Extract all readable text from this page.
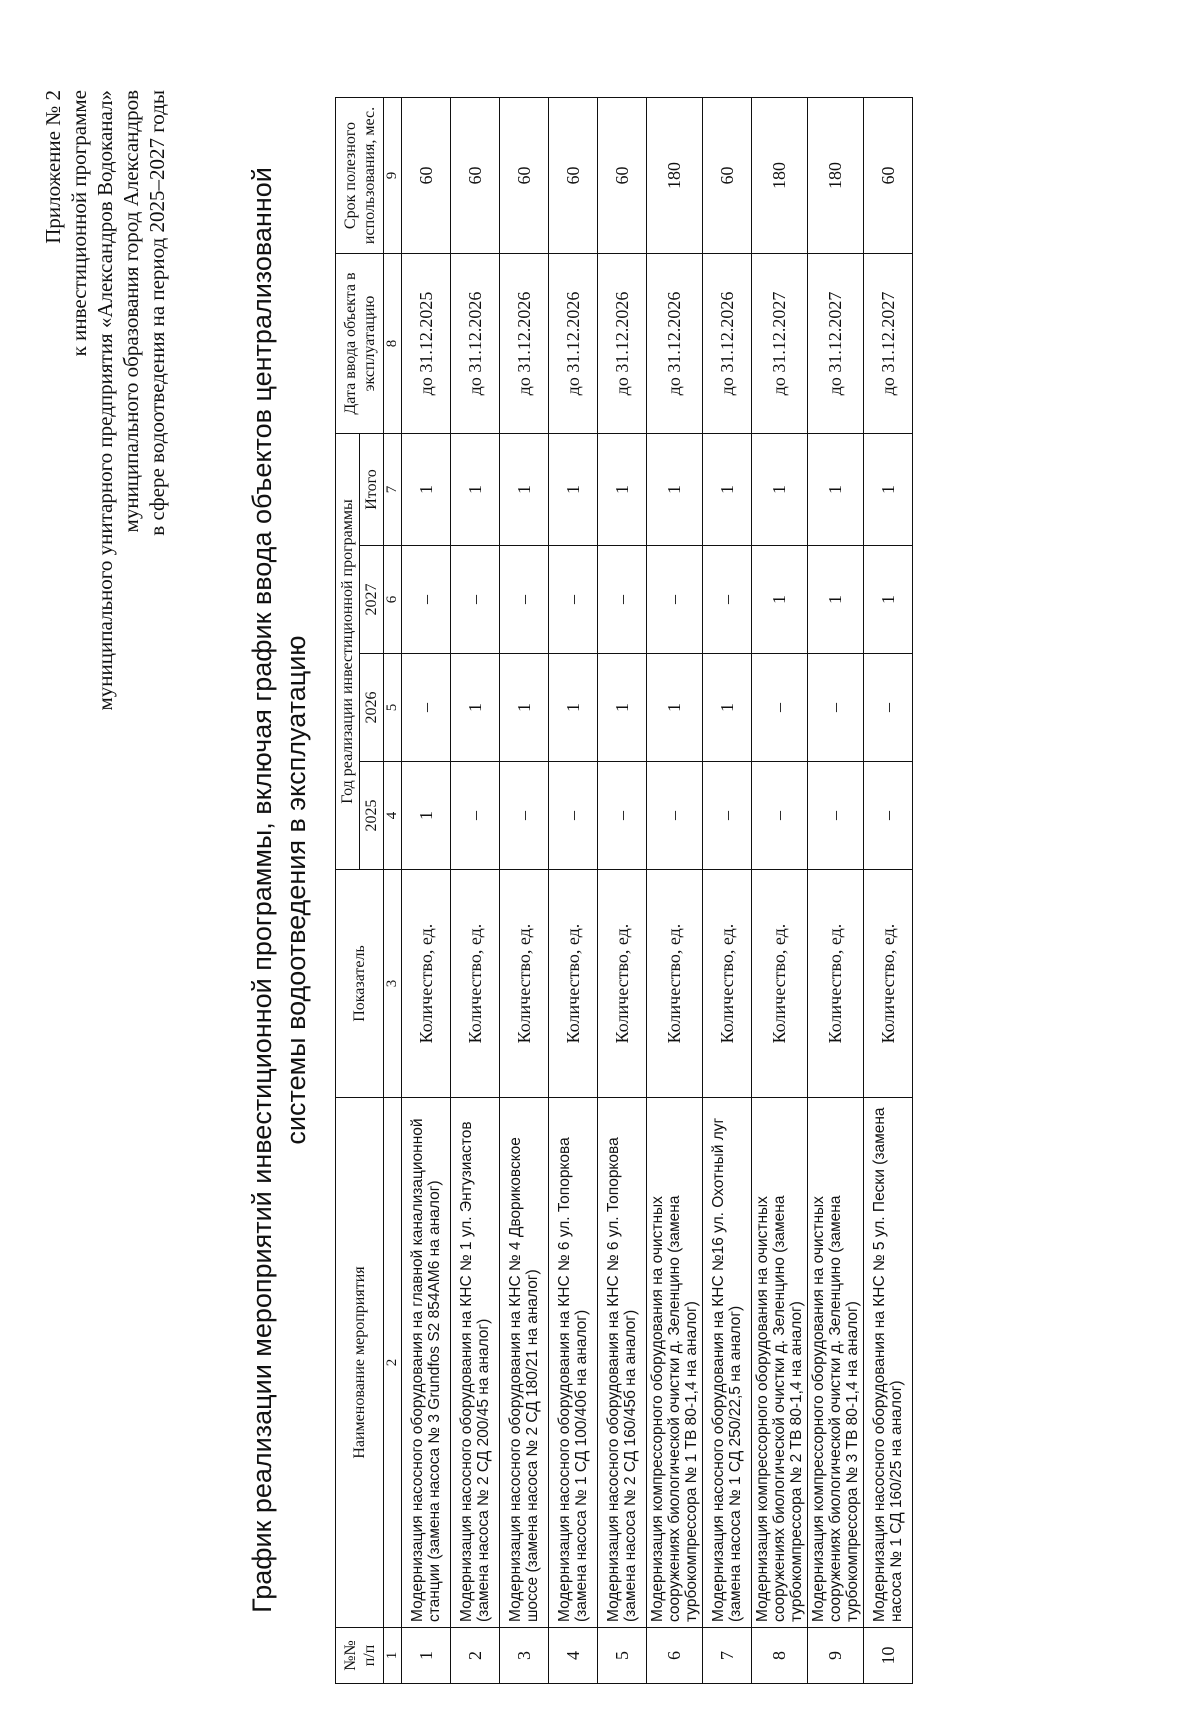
Приложение № 2 к инвестиционной программе муниципального унитарного предприятия «Александров Водоканал» муниципального образования город Александров в сфере водоотведения на период 2025–2027 годы	График реализации мероприятий инвестиционной программы, включая график ввода объектов централизованной системы водоотведения в эксплуатацию
№№ п/п	Наименование мероприятия	Показатель	Год реализации инвестиционной программы				Дата ввода объекта в эксплуатацию	Срок полезного использования, мес.
			2025	2026	2027	Итого		
1	2	3	4	5	6	7	8	9
1	Модернизация насосного оборудования на главной канализационной станции (замена насоса № 3 Grundfos S2 854AM6 на аналог)	Количество, ед.	1	–	–	1	до 31.12.2025	60
2	Модернизация насосного оборудования на КНС № 1 ул. Энтузиастов (замена насоса № 2 СД 200/45 на аналог)	Количество, ед.	–	1	–	1	до 31.12.2026	60
3	Модернизация насосного оборудования на КНС № 4 Двориковское шоссе (замена насоса № 2 СД 180/21 на аналог)	Количество, ед.	–	1	–	1	до 31.12.2026	60
4	Модернизация насосного оборудования на КНС № 6 ул. Топоркова (замена насоса № 1 СД 100/40б на аналог)	Количество, ед.	–	1	–	1	до 31.12.2026	60
5	Модернизация насосного оборудования на КНС № 6 ул. Топоркова (замена насоса № 2 СД 160/45б на аналог)	Количество, ед.	–	1	–	1	до 31.12.2026	60
6	Модернизация компрессорного оборудования на очистных сооружениях биологической очистки д. Зеленцино (замена турбокомпрессора № 1 ТВ 80-1,4 на аналог)	Количество, ед.	–	1	–	1	до 31.12.2026	180
7	Модернизация насосного оборудования на КНС №16 ул. Охотный луг (замена насоса № 1 СД 250/22,5 на аналог)	Количество, ед.	–	1	–	1	до 31.12.2026	60
8	Модернизация компрессорного оборудования на очистных сооружениях биологической очистки д. Зеленцино (замена турбокомпрессора № 2 ТВ 80-1,4 на аналог)	Количество, ед.	–	–	1	1	до 31.12.2027	180
9	Модернизация компрессорного оборудования на очистных сооружениях биологической очистки д. Зеленцино (замена турбокомпрессора № 3 ТВ 80-1,4 на аналог)	Количество, ед.	–	–	1	1	до 31.12.2027	180
10	Модернизация насосного оборудования на КНС № 5 ул. Пески (замена насоса № 1 СД 160/25 на аналог)	Количество, ед.	–	–	1	1	до 31.12.2027	60
